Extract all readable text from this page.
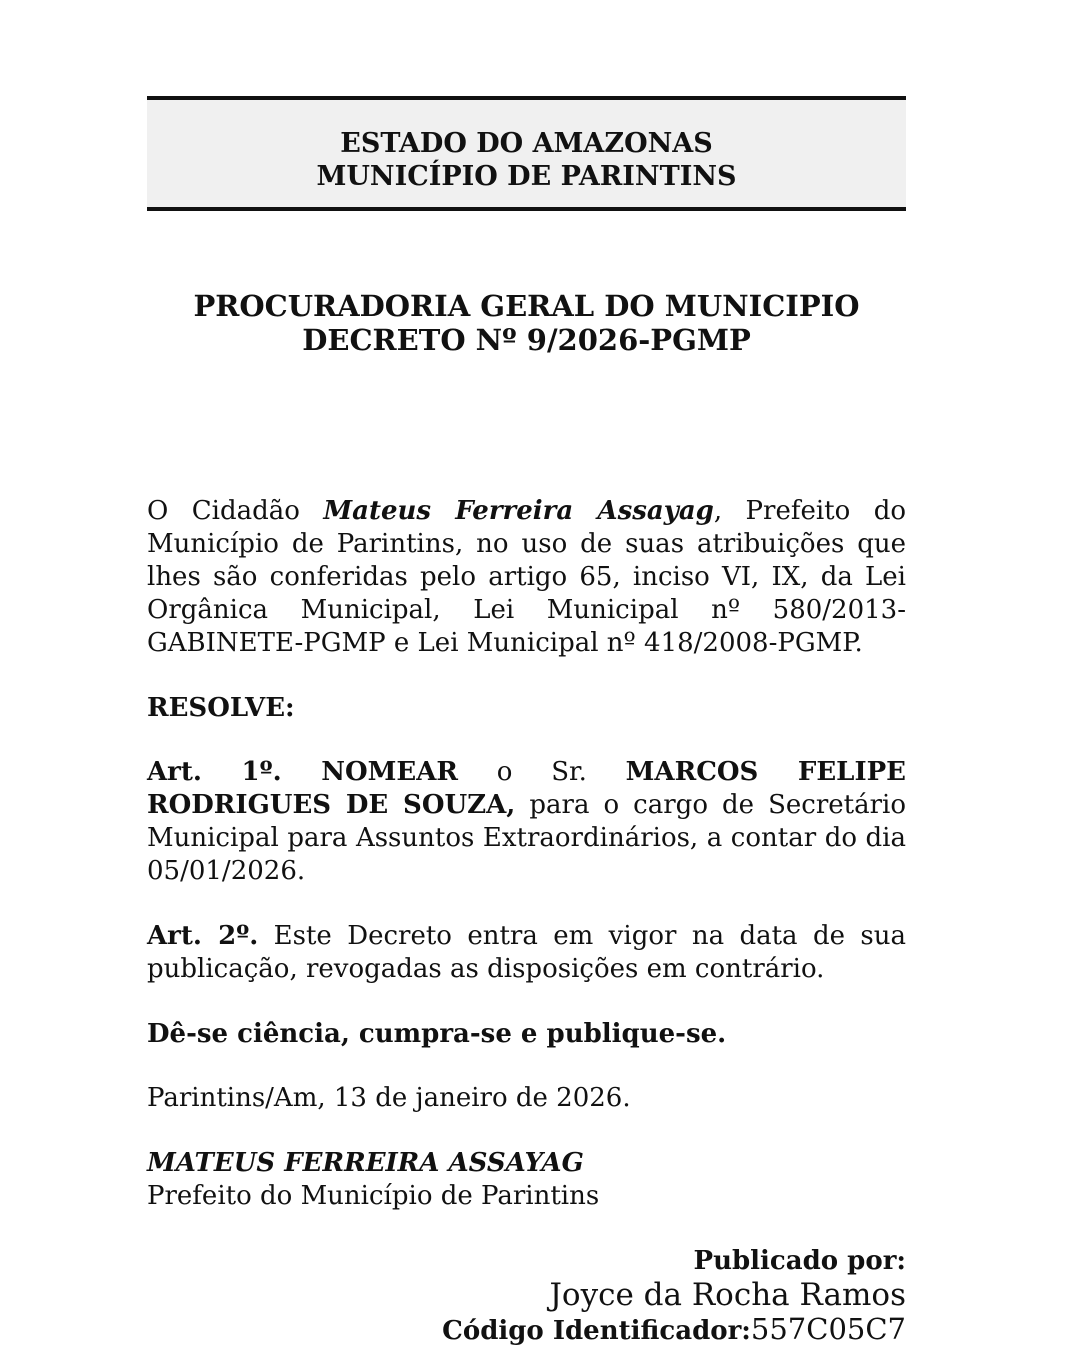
ESTADO DO AMAZONAS
MUNICÍPIO DE PARINTINS
PROCURADORIA GERAL DO MUNICIPIO
DECRETO Nº 9/2026-PGMP

O Cidadão Mateus Ferreira Assayag, Prefeito do Município de Parintins, no uso de suas atribuições que lhes são conferidas pelo artigo 65, inciso VI, IX, da Lei Orgânica Municipal, Lei Municipal nº 580/2013-GABINETE-PGMP e Lei Municipal nº 418/2008-PGMP.

RESOLVE:

Art. 1º. NOMEAR o Sr. MARCOS FELIPE RODRIGUES DE SOUZA, para o cargo de Secretário Municipal para Assuntos Extraordinários, a contar do dia 05/01/2026.

Art. 2º. Este Decreto entra em vigor na data de sua publicação, revogadas as disposições em contrário.

Dê-se ciência, cumpra-se e publique-se.

Parintins/Am, 13 de janeiro de 2026.

MATEUS FERREIRA ASSAYAG
Prefeito do Município de Parintins

Publicado por:
Joyce da Rocha Ramos
Código Identificador:557C05C7
